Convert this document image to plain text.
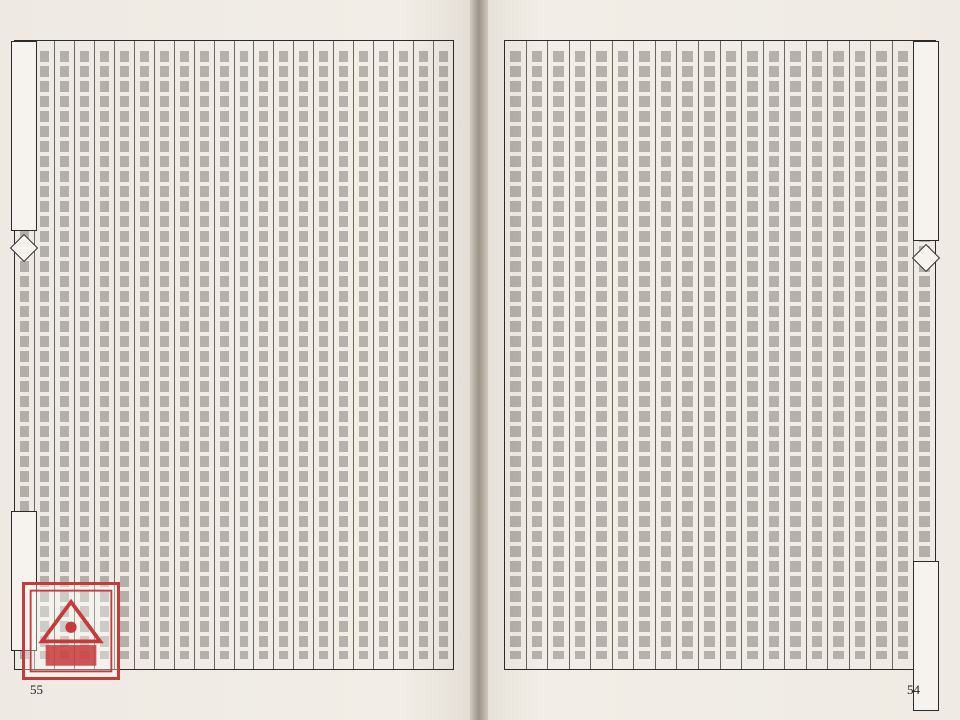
55	54
